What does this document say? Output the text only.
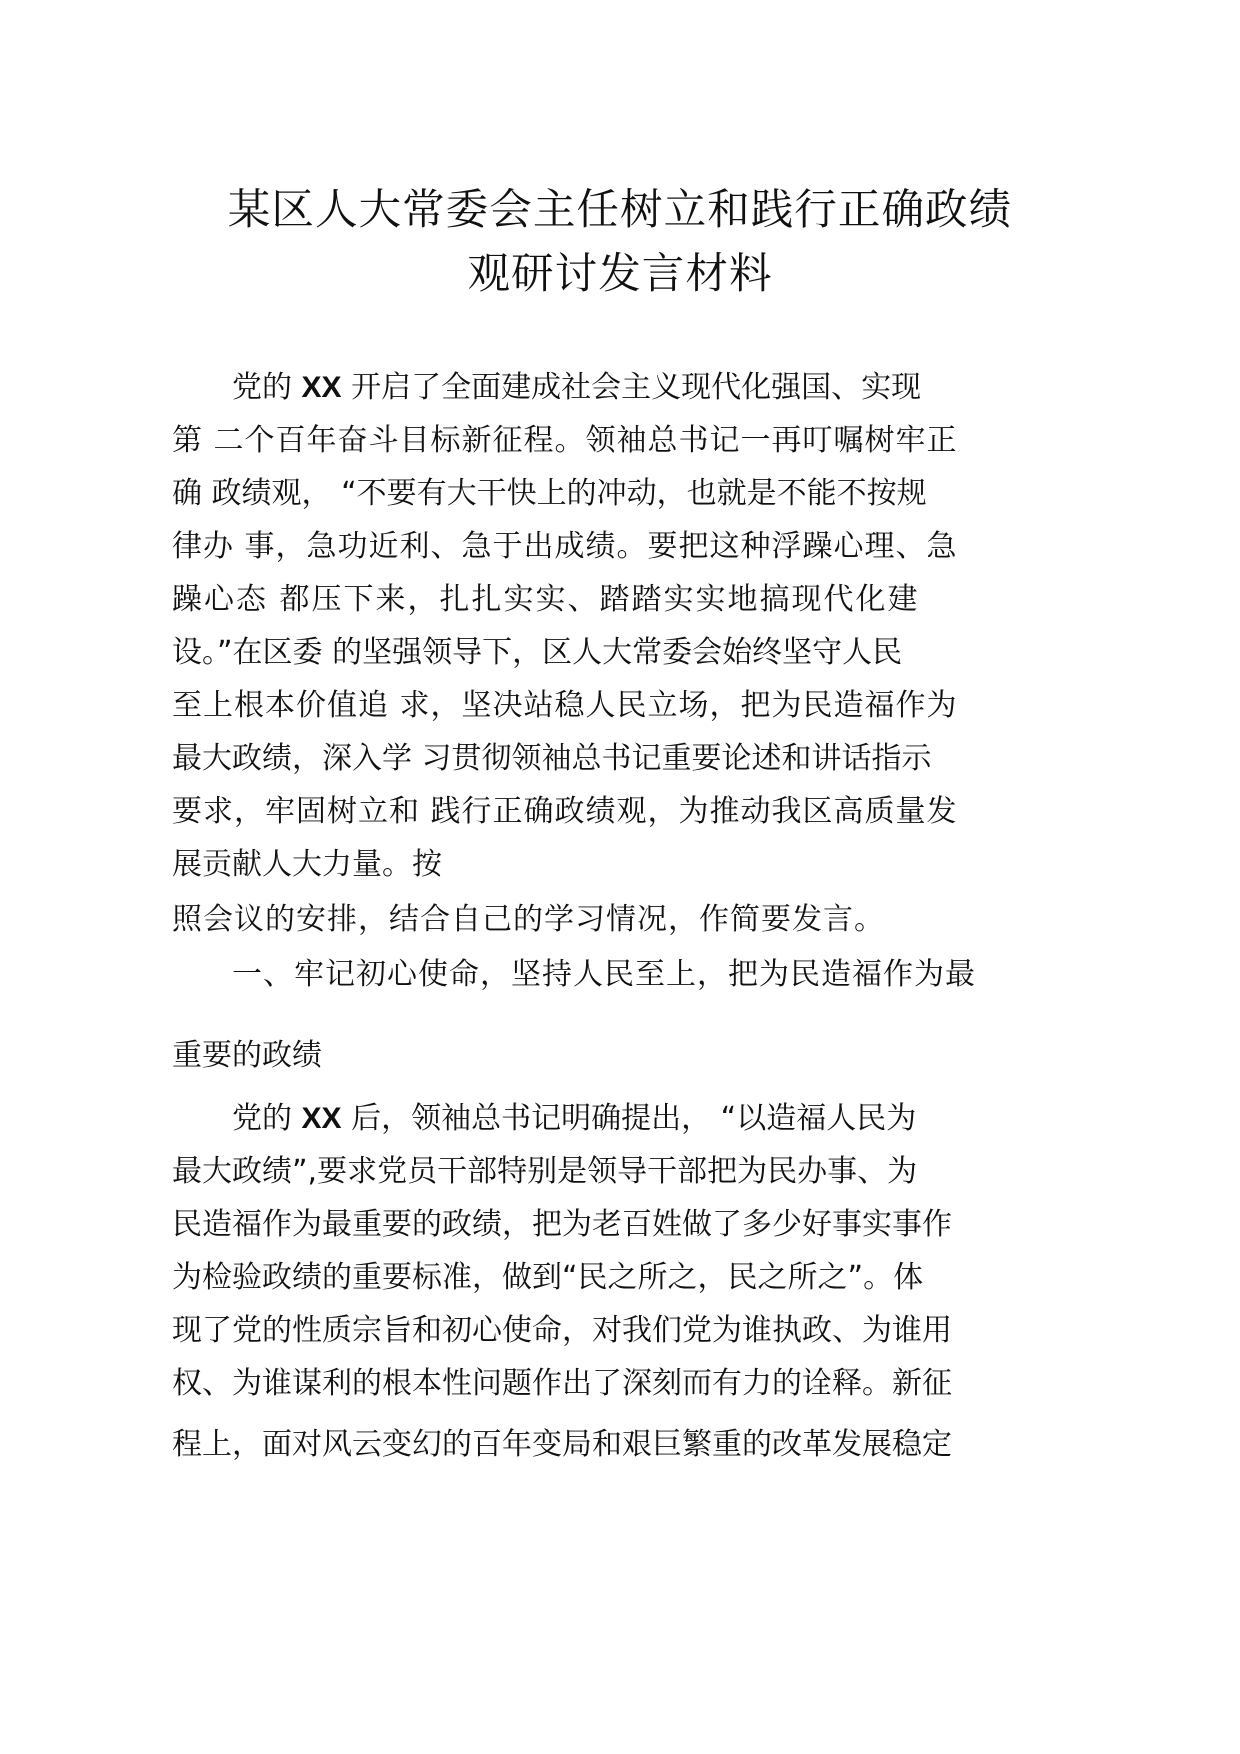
某区人大常委会主任树立和践行正确政绩
观研讨发言材料

党的 XX 开启了全面建成社会主义现代化强国、实现

第 二个百年奋斗目标新征程。领袖总书记一再叮嘱树牢正

确 政绩观， “不要有大干快上的冲动，也就是不能不按规

律办 事，急功近利、急于出成绩。要把这种浮躁心理、急

躁心态 都压下来，扎扎实实、踏踏实实地搞现代化建

设。”在区委 的坚强领导下，区人大常委会始终坚守人民

至上根本价值追 求，坚决站稳人民立场，把为民造福作为

最大政绩，深入学 习贯彻领袖总书记重要论述和讲话指示

要求，牢固树立和 践行正确政绩观，为推动我区高质量发

展贡献人大力量。按

照会议的安排，结合自己的学习情况，作简要发言。

一、牢记初心使命，坚持人民至上，把为民造福作为最

重要的政绩

党的 XX 后，领袖总书记明确提出， “以造福人民为

最大政绩”,要求党员干部特别是领导干部把为民办事、为

民造福作为最重要的政绩，把为老百姓做了多少好事实事作

为检验政绩的重要标准，做到“民之所之，民之所之”。体

现了党的性质宗旨和初心使命，对我们党为谁执政、为谁用

权、为谁谋利的根本性问题作出了深刻而有力的诠释。新征

程上，面对风云变幻的百年变局和艰巨繁重的改革发展稳定
